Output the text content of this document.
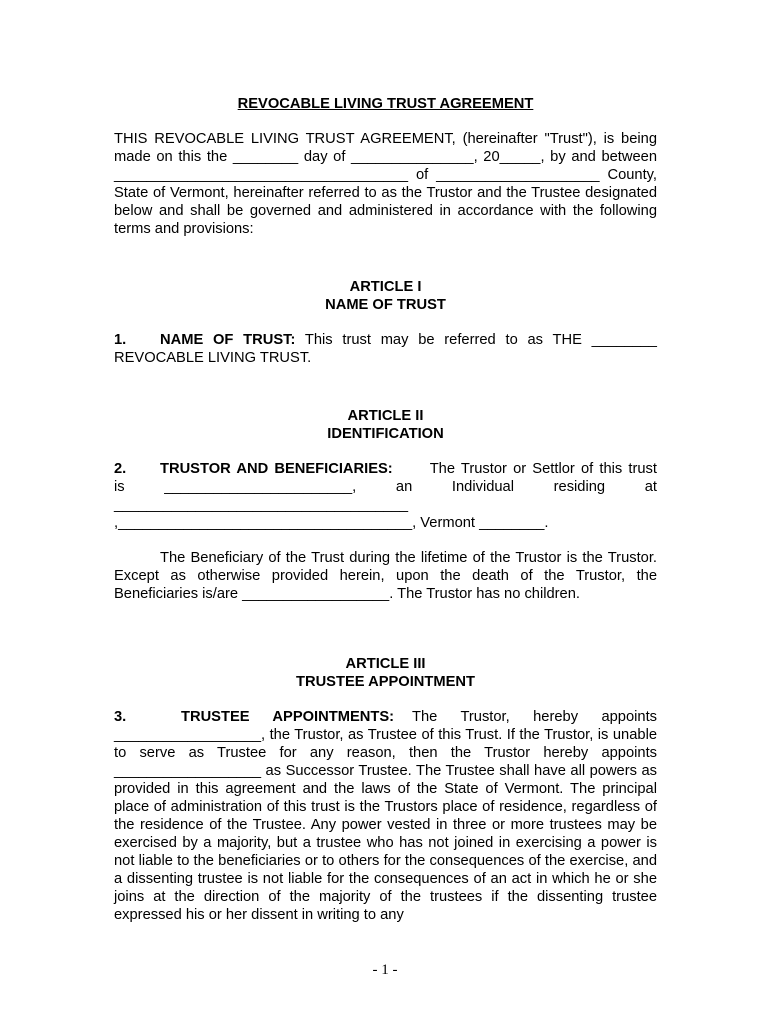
REVOCABLE LIVING TRUST AGREEMENT

THIS REVOCABLE LIVING TRUST AGREEMENT, (hereinafter "Trust"), is being

made on this the ________ day of _______________, 20_____, by and between

____________________________________ of ____________________ County,

State of Vermont, hereinafter referred to as the Trustor and the Trustee designated below and shall be governed and administered in accordance with the following terms and provisions:

ARTICLE I

NAME OF TRUST

1. NAME OF TRUST: This trust may be referred to as THE ________

REVOCABLE LIVING TRUST.

ARTICLE II

IDENTIFICATION

2. TRUSTOR AND BENEFICIARIES:	The Trustor or Settlor of this trust

is _______________________, an Individual residing at

____________________________________

,____________________________________, Vermont ________.

The Beneficiary of the Trust during the lifetime of the Trustor is the Trustor. Except as otherwise provided herein, upon the death of the Trustor, the Beneficiaries is/are __________________. The Trustor has no children.

ARTICLE III

TRUSTEE APPOINTMENT

3.	TRUSTEE APPOINTMENTS: The Trustor, hereby appoints

__________________, the Trustor, as Trustee of this Trust. If the Trustor, is unable to serve as Trustee for any reason, then the Trustor hereby appoints __________________ as Successor Trustee. The Trustee shall have all powers as provided in this agreement and the laws of the State of Vermont. The principal place of administration of this trust is the Trustors place of residence, regardless of the residence of the Trustee. Any power vested in three or more trustees may be exercised by a majority, but a trustee who has not joined in exercising a power is not liable to the beneficiaries or to others for the consequences of the exercise, and a dissenting trustee is not liable for the consequences of an act in which he or she joins at the direction of the majority of the trustees if the dissenting trustee expressed his or her dissent in writing to any

- 1 -
